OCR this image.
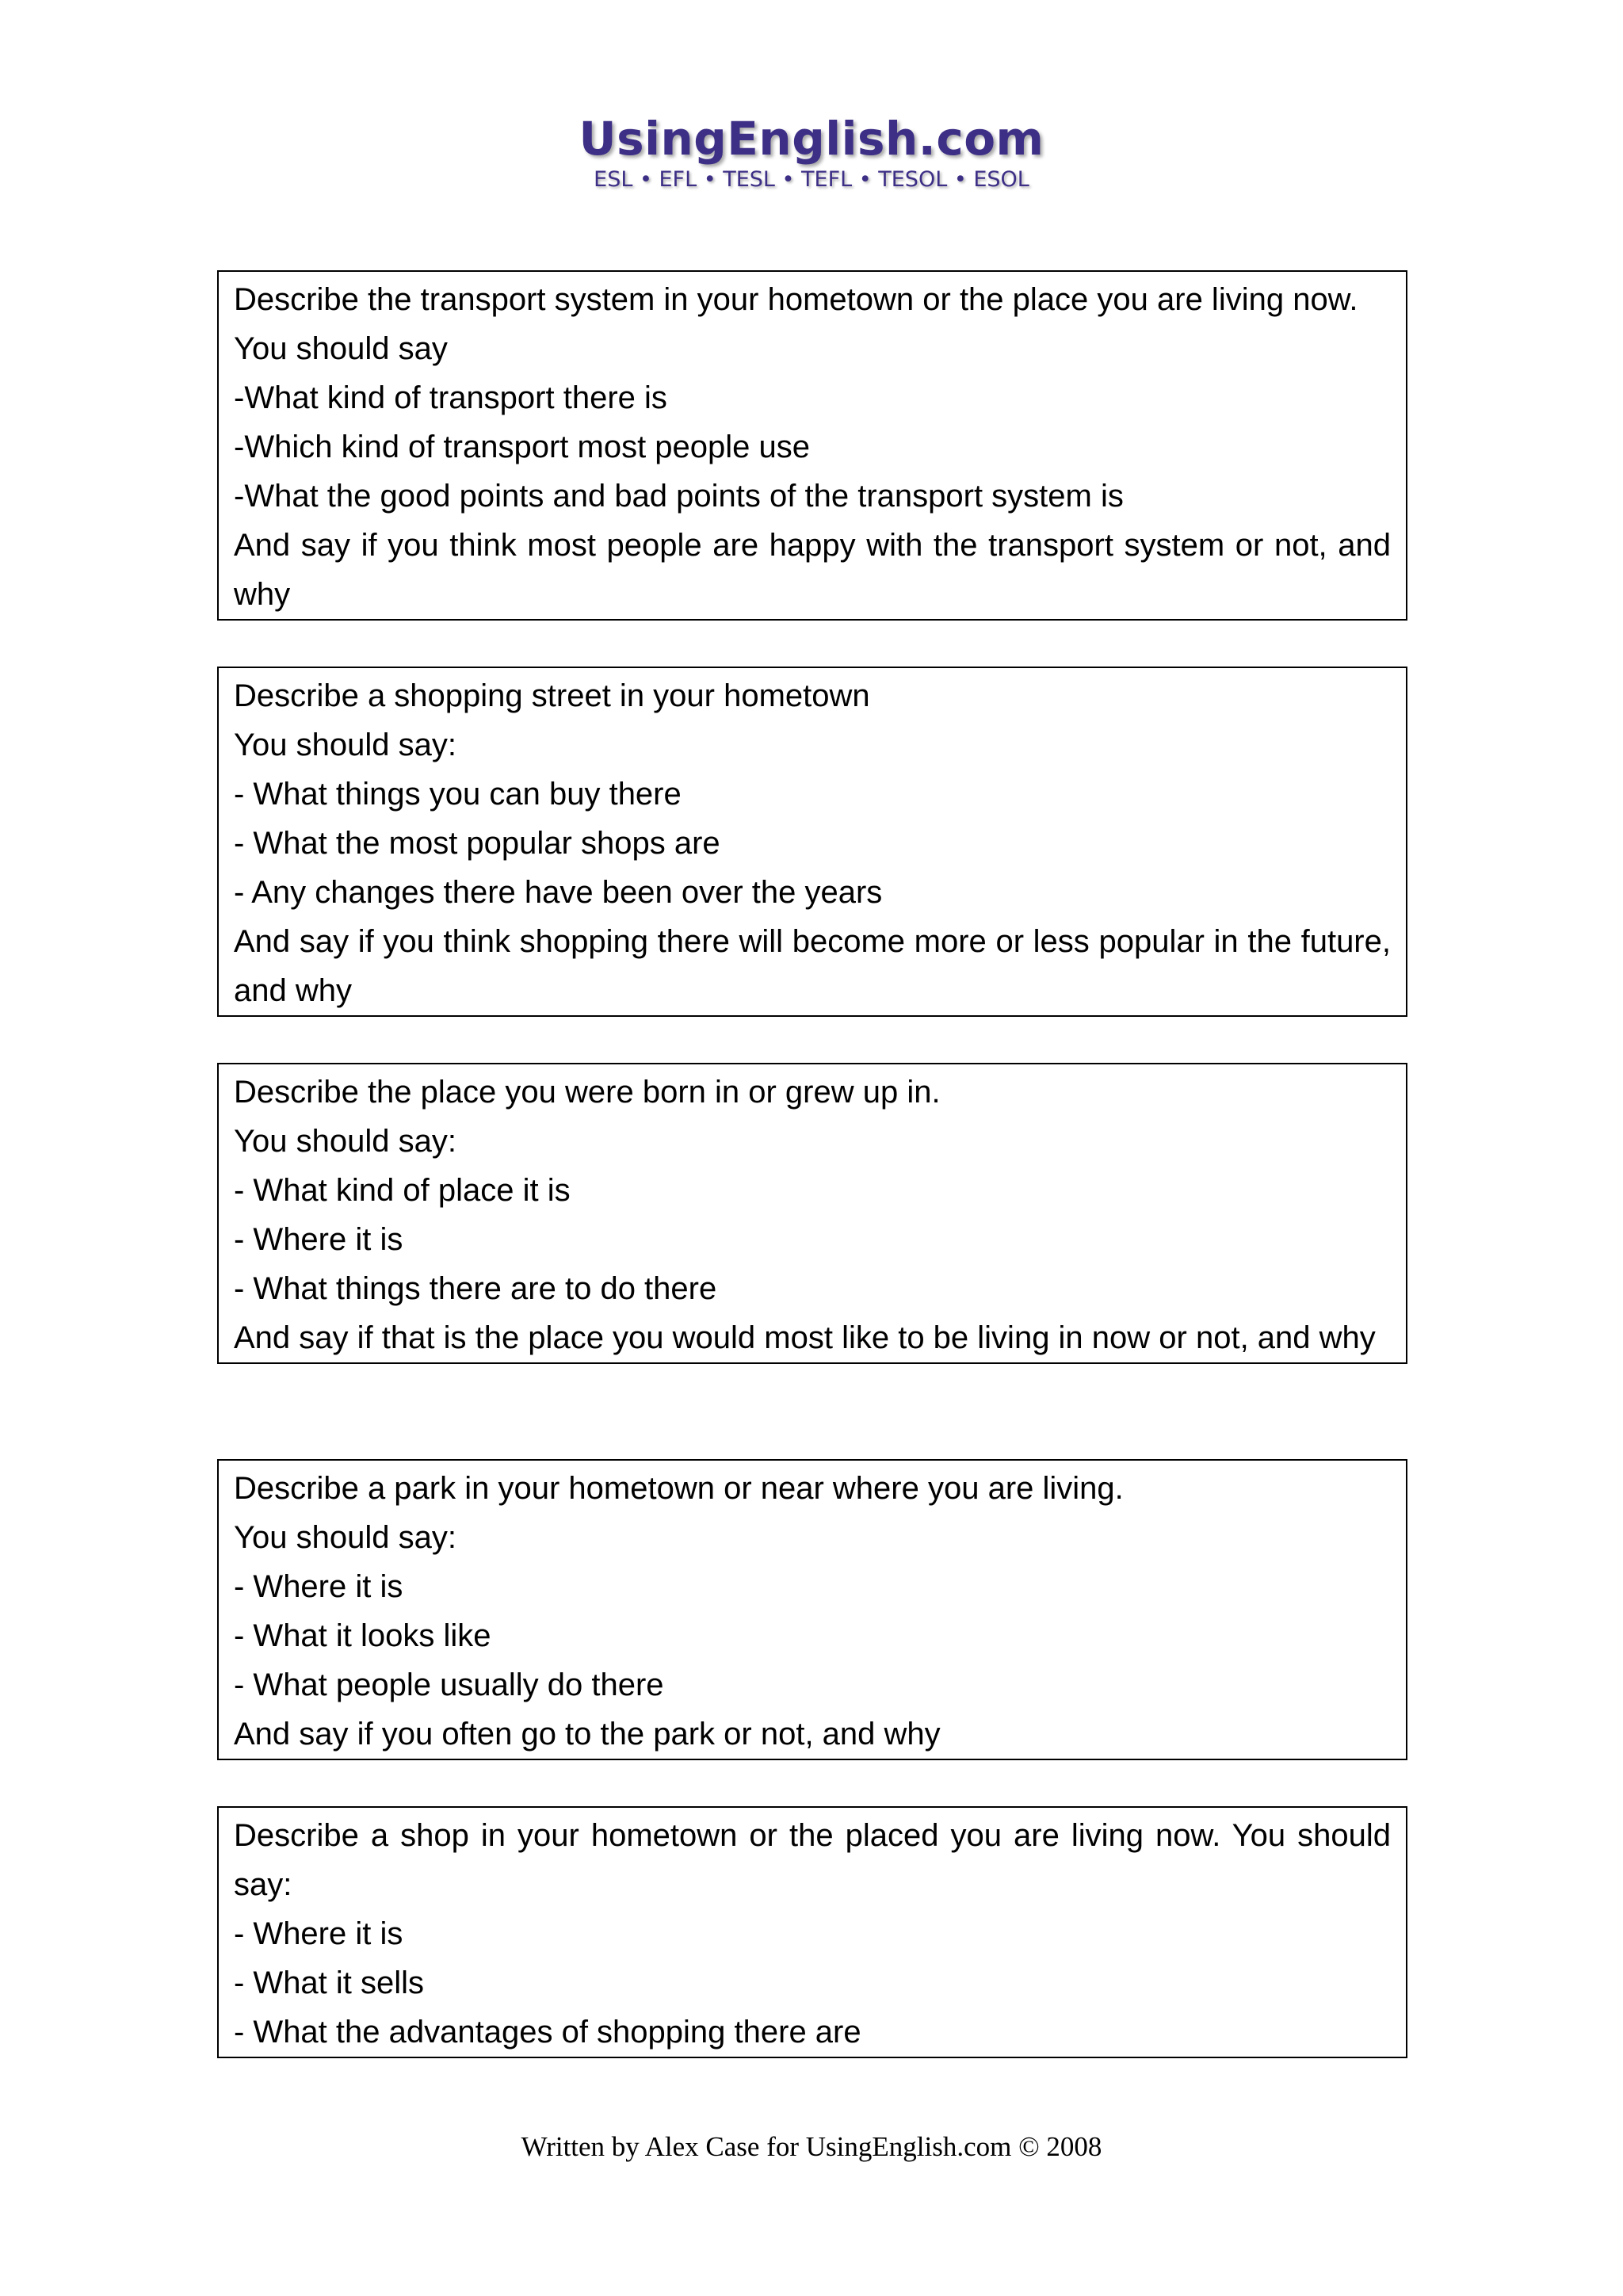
UsingEnglish.com
ESL • EFL • TESL • TEFL • TESOL • ESOL
Describe the transport system in your hometown or the place you are living now.
You should say
-What kind of transport there is
-Which kind of transport most people use
-What the good points and bad points of the transport system is
And say if you think most people are happy with the transport system or not, and why
Describe a shopping street in your hometown
You should say:
- What things you can buy there
- What the most popular shops are
- Any changes there have been over the years
And say if you think shopping there will become more or less popular in the future, and why
Describe the place you were born in or grew up in.
You should say:
- What kind of place it is
- Where it is
- What things there are to do there
And say if that is the place you would most like to be living in now or not, and why
Describe a park in your hometown or near where you are living.
You should say:
- Where it is
- What it looks like
- What people usually do there
And say if you often go to the park or not, and why
Describe a shop in your hometown or the placed you are living now. You should say:
- Where it is
- What it sells
- What the advantages of shopping there are
Written by Alex Case for UsingEnglish.com © 2008
